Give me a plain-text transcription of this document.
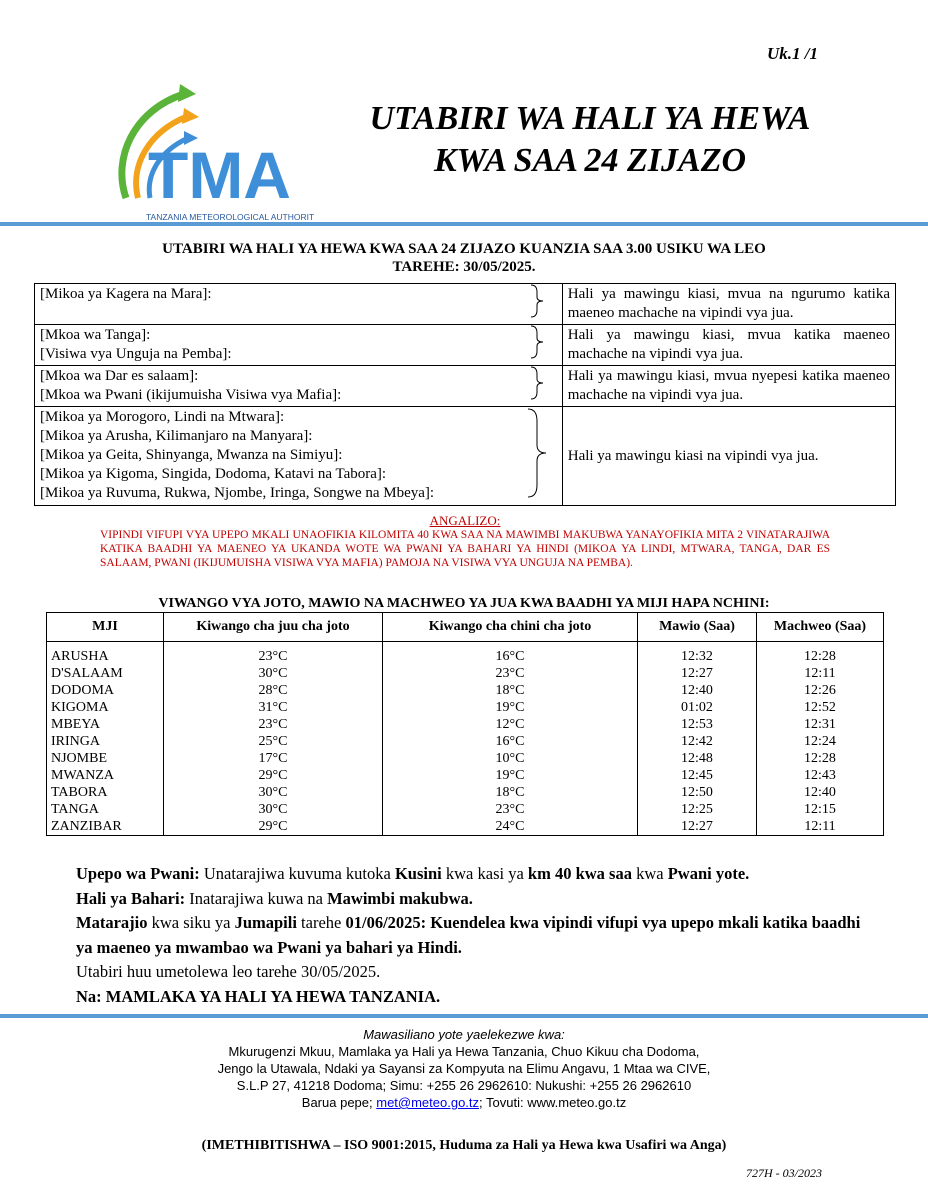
Uk.1 /1
TMA
TANZANIA METEOROLOGICAL AUTHORITY
UTABIRI WA HALI YA HEWA
KWA SAA 24 ZIJAZO
UTABIRI WA HALI YA HEWA KWA SAA 24 ZIJAZO KUANZIA SAA 3.00 USIKU WA LEO
TAREHE: 30/05/2025.
[Mikoa ya Kagera na Mara]:		Hali ya mawingu kiasi, mvua na ngurumo katika maeneo machache na vipindi vya jua.

[Mkoa wa Tanga]:
[Visiwa vya Unguja na Pemba]:		Hali ya mawingu kiasi, mvua katika maeneo machache na vipindi vya jua.

[Mkoa wa Dar es salaam]:
[Mkoa wa Pwani (ikijumuisha Visiwa vya Mafia]:		Hali ya mawingu kiasi, mvua nyepesi katika maeneo machache na vipindi vya jua.

[Mikoa ya Morogoro, Lindi na Mtwara]:
[Mikoa ya Arusha, Kilimanjaro na Manyara]:
[Mikoa ya Geita, Shinyanga, Mwanza na Simiyu]:
[Mikoa ya Kigoma, Singida, Dodoma, Katavi na Tabora]:
[Mikoa ya Ruvuma, Rukwa, Njombe, Iringa, Songwe na Mbeya]:		Hali ya mawingu kiasi na vipindi vya jua.
ANGALIZO:
VIPINDI VIFUPI VYA UPEPO MKALI UNAOFIKIA KILOMITA 40 KWA SAA NA MAWIMBI MAKUBWA YANAYOFIKIA MITA 2 VINATARAJIWA KATIKA BAADHI YA MAENEO YA UKANDA WOTE WA PWANI YA BAHARI YA HINDI (MIKOA YA LINDI, MTWARA, TANGA, DAR ES SALAAM, PWANI (IKIJUMUISHA VISIWA VYA MAFIA) PAMOJA NA VISIWA VYA UNGUJA NA PEMBA).
VIWANGO VYA JOTO, MAWIO NA MACHWEO YA JUA KWA BAADHI YA MIJI HAPA NCHINI:
MJI	Kiwango cha juu cha joto	Kiwango cha chini cha joto	Mawio (Saa)	Machweo (Saa)

ARUSHA	23°C	16°C	12:32	12:28
D'SALAAM	30°C	23°C	12:27	12:11
DODOMA	28°C	18°C	12:40	12:26
KIGOMA	31°C	19°C	01:02	12:52
MBEYA	23°C	12°C	12:53	12:31
IRINGA	25°C	16°C	12:42	12:24
NJOMBE	17°C	10°C	12:48	12:28
MWANZA	29°C	19°C	12:45	12:43
TABORA	30°C	18°C	12:50	12:40
TANGA	30°C	23°C	12:25	12:15
ZANZIBAR	29°C	24°C	12:27	12:11

Upepo wa Pwani: Unatarajiwa kuvuma kutoka Kusini kwa kasi ya km 40 kwa saa kwa Pwani yote.

Hali ya Bahari: Inatarajiwa kuwa na Mawimbi makubwa.

Matarajio kwa siku ya Jumapili tarehe 01/06/2025: Kuendelea kwa vipindi vifupi vya upepo mkali katika baadhi ya maeneo ya mwambao wa Pwani ya bahari ya Hindi.

Utabiri huu umetolewa leo tarehe 30/05/2025.

Na: MAMLAKA YA HALI YA HEWA TANZANIA.

Mawasiliano yote yaelekezwe kwa:
Mkurugenzi Mkuu, Mamlaka ya Hali ya Hewa Tanzania, Chuo Kikuu cha Dodoma,
Jengo la Utawala, Ndaki ya Sayansi za Kompyuta na Elimu Angavu, 1 Mtaa wa CIVE,
S.L.P 27, 41218 Dodoma; Simu: +255 26 2962610: Nukushi: +255 26 2962610
Barua pepe; met@meteo.go.tz; Tovuti: www.meteo.go.tz
(IMETHIBITISHWA – ISO 9001:2015, Huduma za Hali ya Hewa kwa Usafiri wa Anga)
727H - 03/2023
